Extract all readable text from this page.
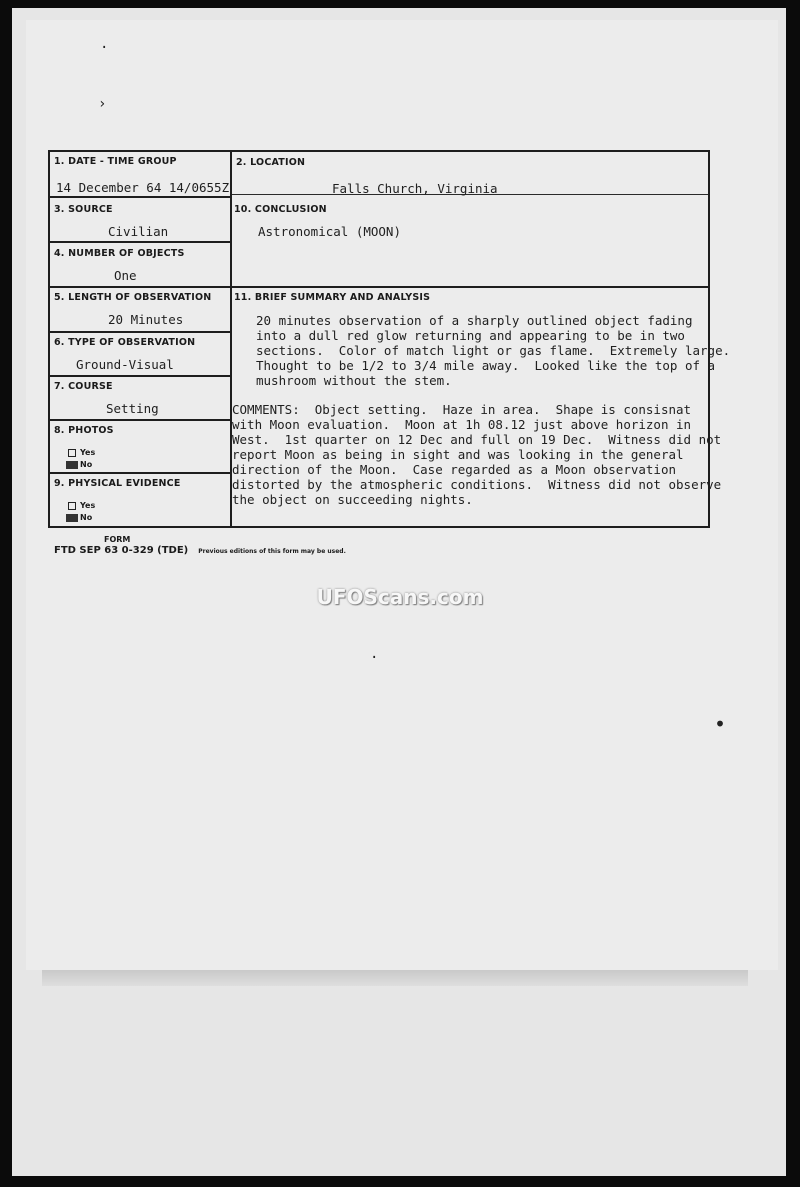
·
›
·
•
1. DATE - TIME GROUP
14 December 64 14/0655Z
2. LOCATION
Falls Church, Virginia
3. SOURCE
Civilian
10. CONCLUSION
Astronomical (MOON)
4. NUMBER OF OBJECTS
One
5. LENGTH OF OBSERVATION
20 Minutes
11. BRIEF SUMMARY AND ANALYSIS
20 minutes observation of a sharply outlined object fading
into a dull red glow returning and appearing to be in two
sections.  Color of match light or gas flame.  Extremely large.
Thought to be 1/2 to 3/4 mile away.  Looked like the top of a
mushroom without the stem.
6. TYPE OF OBSERVATION
Ground-Visual
7. COURSE
Setting	COMMENTS:  Object setting.  Haze in area.  Shape is consisnat
with Moon evaluation.  Moon at 1h 08.12 just above horizon in
West.  1st quarter on 12 Dec and full on 19 Dec.  Witness did not
report Moon as being in sight and was looking in the general
direction of the Moon.  Case regarded as a Moon observation
distorted by the atmospheric conditions.  Witness did not observe
the object on succeeding nights.
8. PHOTOS
Yes
No
9. PHYSICAL EVIDENCE
Yes
No
FORM
FTD SEP 63 0-329 (TDE) Previous editions of this form may be used.
UFOScans.com
